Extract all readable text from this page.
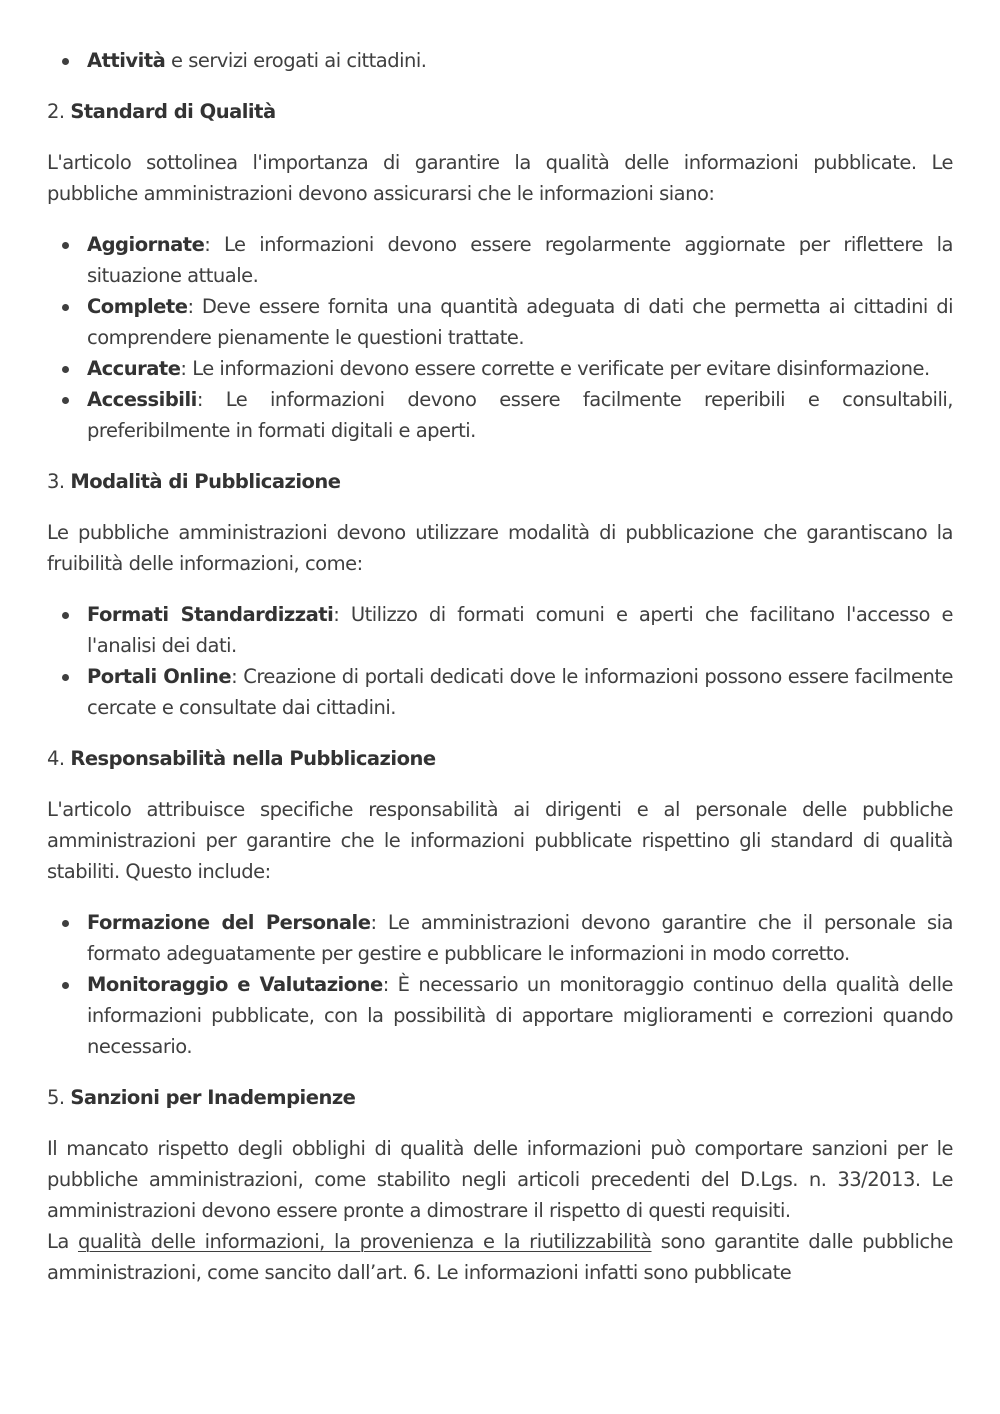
Attività e servizi erogati ai cittadini.
2. Standard di Qualità

L'articolo sottolinea l'importanza di garantire la qualità delle informazioni pubblicate. Le pubbliche amministrazioni devono assicurarsi che le informazioni siano:

Aggiornate: Le informazioni devono essere regolarmente aggiornate per riflettere la situazione attuale.
Complete: Deve essere fornita una quantità adeguata di dati che permetta ai cittadini di comprendere pienamente le questioni trattate.
Accurate: Le informazioni devono essere corrette e verificate per evitare disinformazione.
Accessibili: Le informazioni devono essere facilmente reperibili e consultabili, preferibilmente in formati digitali e aperti.
3. Modalità di Pubblicazione

Le pubbliche amministrazioni devono utilizzare modalità di pubblicazione che garantiscano la fruibilità delle informazioni, come:

Formati Standardizzati: Utilizzo di formati comuni e aperti che facilitano l'accesso e l'analisi dei dati.
Portali Online: Creazione di portali dedicati dove le informazioni possono essere facilmente cercate e consultate dai cittadini.
4. Responsabilità nella Pubblicazione

L'articolo attribuisce specifiche responsabilità ai dirigenti e al personale delle pubbliche amministrazioni per garantire che le informazioni pubblicate rispettino gli standard di qualità stabiliti. Questo include:

Formazione del Personale: Le amministrazioni devono garantire che il personale sia formato adeguatamente per gestire e pubblicare le informazioni in modo corretto.
Monitoraggio e Valutazione: È necessario un monitoraggio continuo della qualità delle informazioni pubblicate, con la possibilità di apportare miglioramenti e correzioni quando necessario.
5. Sanzioni per Inadempienze

Il mancato rispetto degli obblighi di qualità delle informazioni può comportare sanzioni per le pubbliche amministrazioni, come stabilito negli articoli precedenti del D.Lgs. n. 33/2013. Le amministrazioni devono essere pronte a dimostrare il rispetto di questi requisiti.

La qualità delle informazioni, la provenienza e la riutilizzabilità sono garantite dalle pubbliche amministrazioni, come sancito dall’art. 6. Le informazioni infatti sono pubblicate
